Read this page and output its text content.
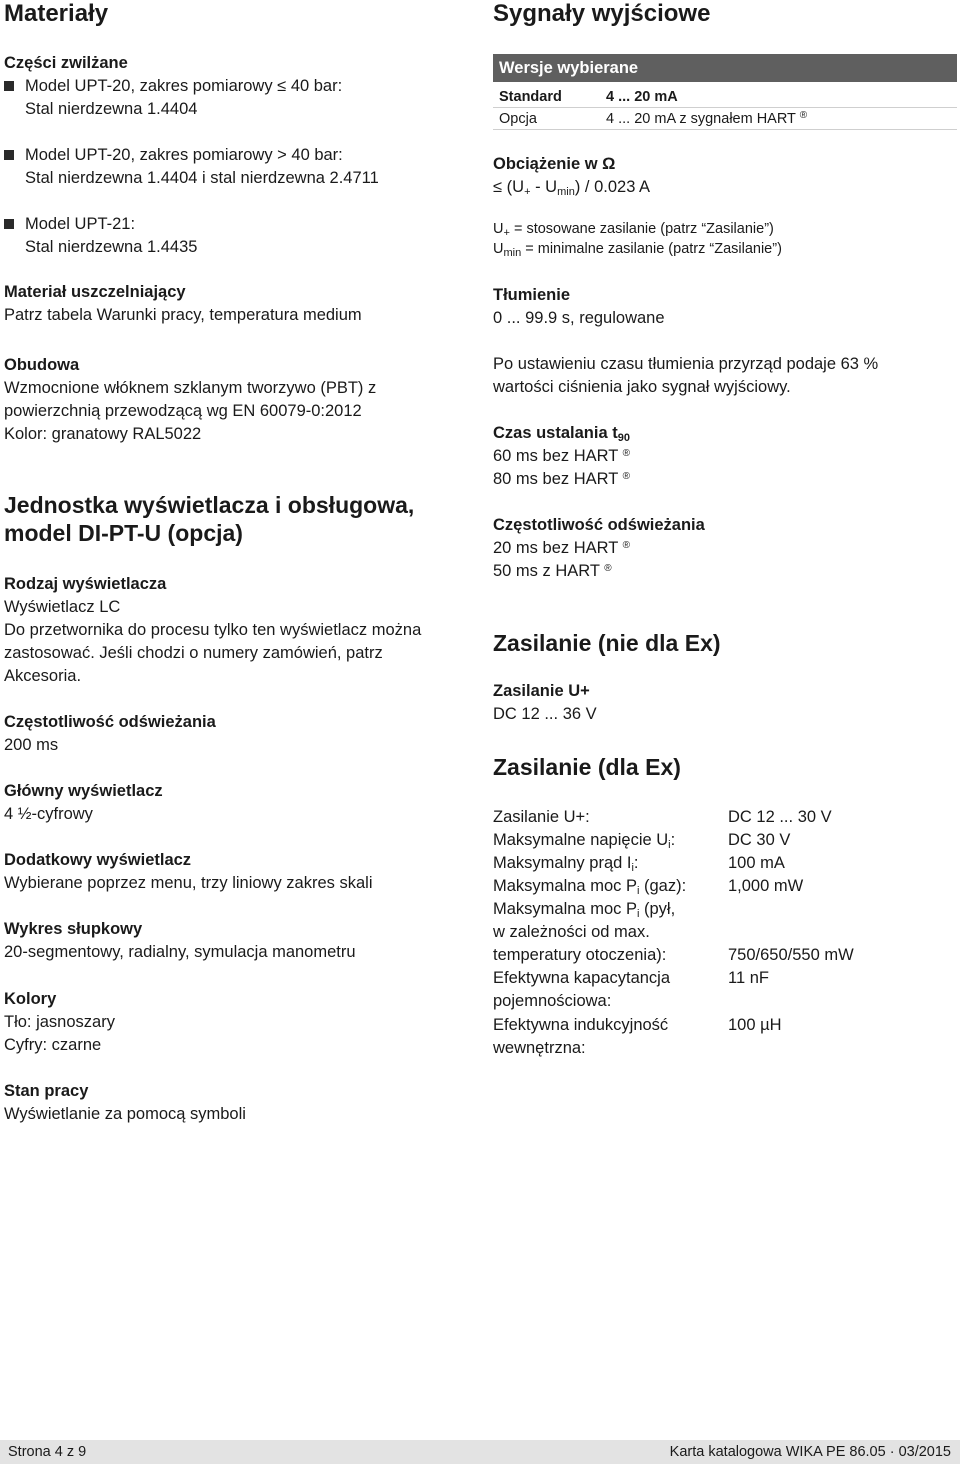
Materiały
Części zwilżane
Model UPT-20, zakres pomiarowy ≤ 40 bar:
Stal nierdzewna 1.4404
Model UPT-20, zakres pomiarowy > 40 bar:
Stal nierdzewna 1.4404 i stal nierdzewna 2.4711
Model UPT-21:
Stal nierdzewna 1.4435
Materiał uszczelniający
Patrz tabela Warunki pracy, temperatura medium
Obudowa
Wzmocnione włóknem szklanym tworzywo (PBT) z
powierzchnią przewodzącą wg EN 60079-0:2012
Kolor: granatowy RAL5022
Jednostka wyświetlacza i obsługowa,
model DI-PT-U (opcja)
Rodzaj wyświetlacza
Wyświetlacz LC
Do przetwornika do procesu tylko ten wyświetlacz można
zastosować. Jeśli chodzi o numery zamówień, patrz
Akcesoria.
Częstotliwość odświeżania
200 ms
Główny wyświetlacz
4 ½-cyfrowy
Dodatkowy wyświetlacz
Wybierane poprzez menu, trzy liniowy zakres skali
Wykres słupkowy
20-segmentowy, radialny, symulacja manometru
Kolory
Tło: jasnoszary
Cyfry: czarne
Stan pracy
Wyświetlanie za pomocą symboli
Sygnały wyjściowe
Wersje wybierane
Standard	4 ... 20 mA
Opcja	4 ... 20 mA z sygnałem HART ®
Obciążenie w Ω
≤ $(U_+ - U_{min}) / 0.023$ A
$U_+$ = stosowane zasilanie (patrz “Zasilanie”)
$U_{min}$ = minimalne zasilanie (patrz “Zasilanie”)
Tłumienie
0 ... 99.9 s, regulowane
Po ustawieniu czasu tłumienia przyrząd podaje 63 %
wartości ciśnienia jako sygnał wyjściowy.
Czas ustalania $t_{90}$
60 ms bez HART ®
80 ms bez HART ®
Częstotliwość odświeżania
20 ms bez HART ®
50 ms z HART ®
Zasilanie (nie dla Ex)
Zasilanie U+
DC 12 ... 36 V
Zasilanie (dla Ex)
Zasilanie U+:	DC 12 ... 30 V
Maksymalne napięcie $U_i$:	DC 30 V
Maksymalny prąd $I_i$:	100 mA
Maksymalna moc $P_i$ (gaz):	1,000 mW
Maksymalna moc $P_i$ (pył,
w zależności od max.
temperatury otoczenia):	750/650/550 mW
Efektywna kapacytancja	11 nF
pojemnościowa:
Efektywna indukcyjność	100 µH
wewnętrzna:
Strona 4 z 9	Karta katalogowa WIKA PE 86.05 · 03/2015
